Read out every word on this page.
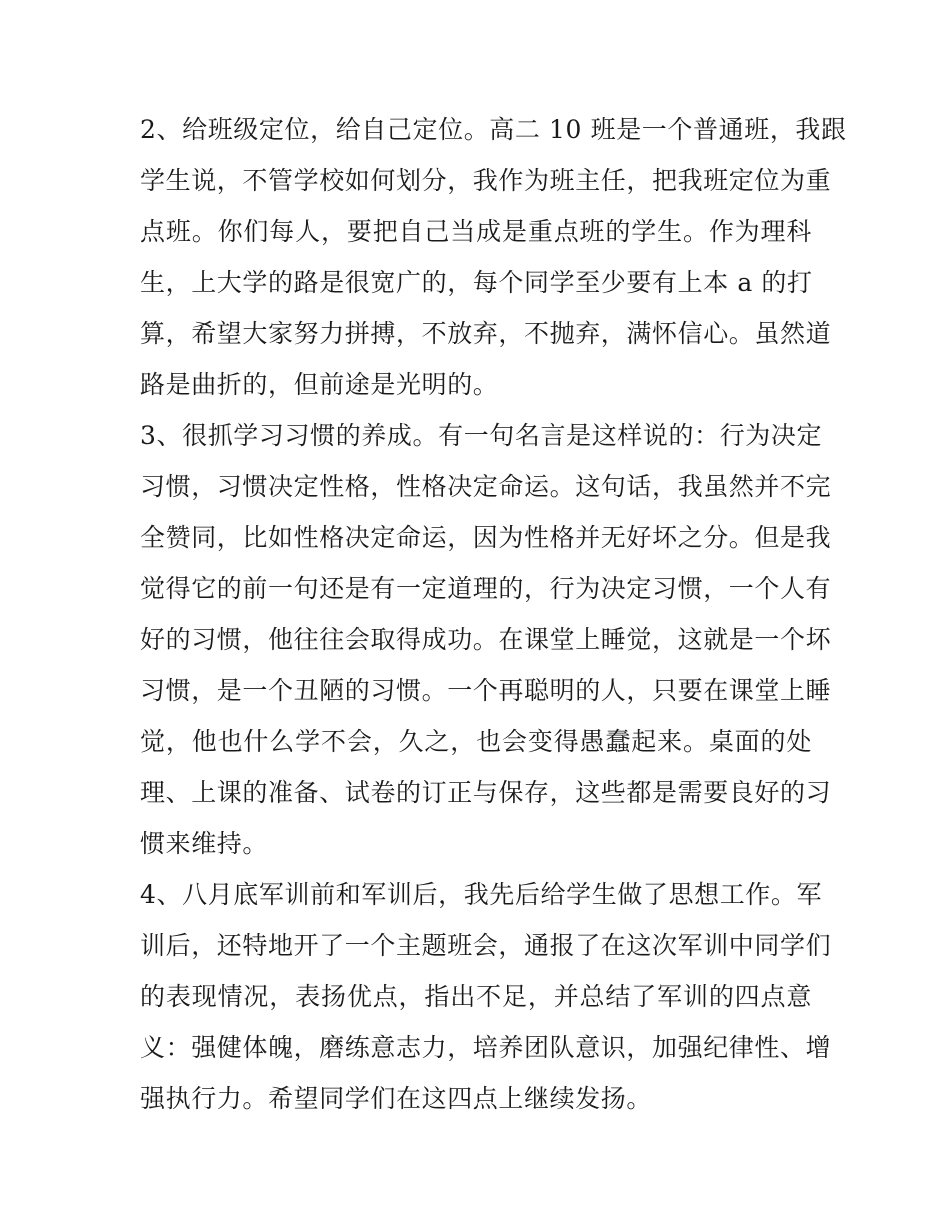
2、给班级定位，给自己定位。高二 10 班是一个普通班，我跟
学生说，不管学校如何划分，我作为班主任，把我班定位为重
点班。你们每人，要把自己当成是重点班的学生。作为理科
生，上大学的路是很宽广的，每个同学至少要有上本 a 的打
算，希望大家努力拼搏，不放弃，不抛弃，满怀信心。虽然道
路是曲折的，但前途是光明的。
3、很抓学习习惯的养成。有一句名言是这样说的：行为决定
习惯，习惯决定性格，性格决定命运。这句话，我虽然并不完
全赞同，比如性格决定命运，因为性格并无好坏之分。但是我
觉得它的前一句还是有一定道理的，行为决定习惯，一个人有
好的习惯，他往往会取得成功。在课堂上睡觉，这就是一个坏
习惯，是一个丑陋的习惯。一个再聪明的人，只要在课堂上睡
觉，他也什么学不会，久之，也会变得愚蠢起来。桌面的处
理、上课的准备、试卷的订正与保存，这些都是需要良好的习
惯来维持。
4、八月底军训前和军训后，我先后给学生做了思想工作。军
训后，还特地开了一个主题班会，通报了在这次军训中同学们
的表现情况，表扬优点，指出不足，并总结了军训的四点意
义：强健体魄，磨练意志力，培养团队意识，加强纪律性、增
强执行力。希望同学们在这四点上继续发扬。
